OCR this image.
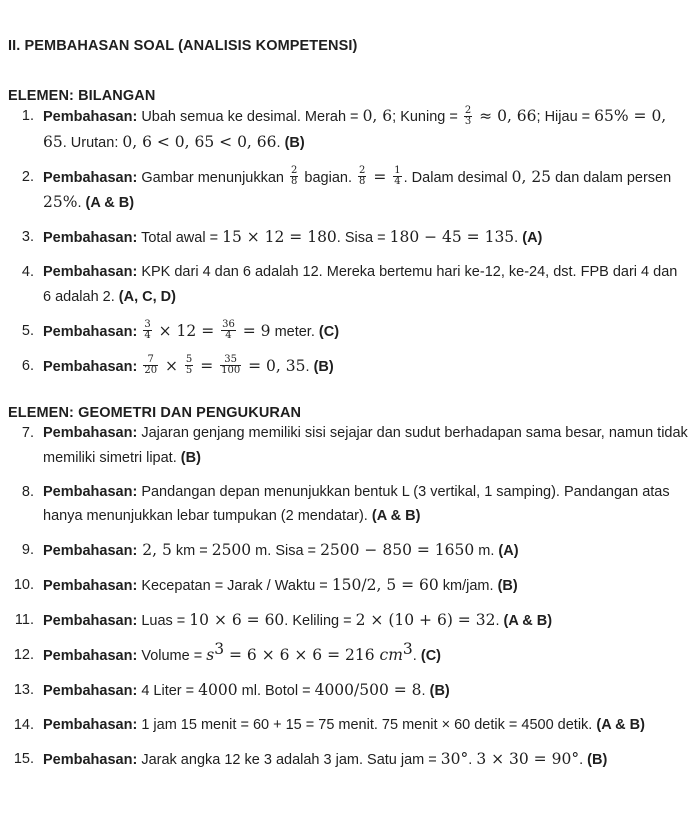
II. PEMBAHASAN SOAL (ANALISIS KOMPETENSI)
ELEMEN: BILANGAN
1. Pembahasan: Ubah semua ke desimal. Merah = 0, 6; Kuning = $\frac{2}{3} \approx 0$, 66; Hijau = 65% = 0, 65. Urutan: 0, 6 < 0, 65 < 0, 66. (B)
2. Pembahasan: Gambar menunjukkan $\frac{2}{8}$ bagian. $\frac{2}{8} = \frac{1}{4}$ . Dalam desimal 0, 25 dan dalam persen 25%. (A & B)
3. Pembahasan: Total awal = 15 × 12 = 180. Sisa = 180 − 45 = 135. (A)
4. Pembahasan: KPK dari 4 dan 6 adalah 12. Mereka bertemu hari ke-12, ke-24, dst. FPB dari 4 dan 6 adalah 2. (A, C, D)
5. Pembahasan: $\frac{3}{4} \times 12 = \frac{36}{4} = 9$ meter. (C)
6. Pembahasan: $\frac{7}{20} \times \frac{5}{5} = \frac{35}{100} = 0$, 35. (B)
ELEMEN: GEOMETRI DAN PENGUKURAN
7. Pembahasan: Jajaran genjang memiliki sisi sejajar dan sudut berhadapan sama besar, namun tidak memiliki simetri lipat. (B)
8. Pembahasan: Pandangan depan menunjukkan bentuk L (3 vertikal, 1 samping). Pandangan atas hanya menunjukkan lebar tumpukan (2 mendatar). (A & B)
9. Pembahasan: 2, 5 km = 2500 m. Sisa = 2500 − 850 = 1650 m. (A)
10. Pembahasan: Kecepatan = Jarak / Waktu = 150/2, 5 = 60 km/jam. (B)
11. Pembahasan: Luas = 10 × 6 = 60. Keliling = 2 × (10 + 6) = 32. (A & B)
12. Pembahasan: Volume = $s^3 = 6 \times 6 \times 6 = 216$ $cm^3$. (C)
13. Pembahasan: 4 Liter = 4000 ml. Botol = 4000/500 = 8. (B)
14. Pembahasan: 1 jam 15 menit = 60 + 15 = 75 menit. 75 menit × 60 detik = 4500 detik. (A & B)
15. Pembahasan: Jarak angka 12 ke 3 adalah 3 jam. Satu jam = 30°. 3 × 30 = 90°. (B)
